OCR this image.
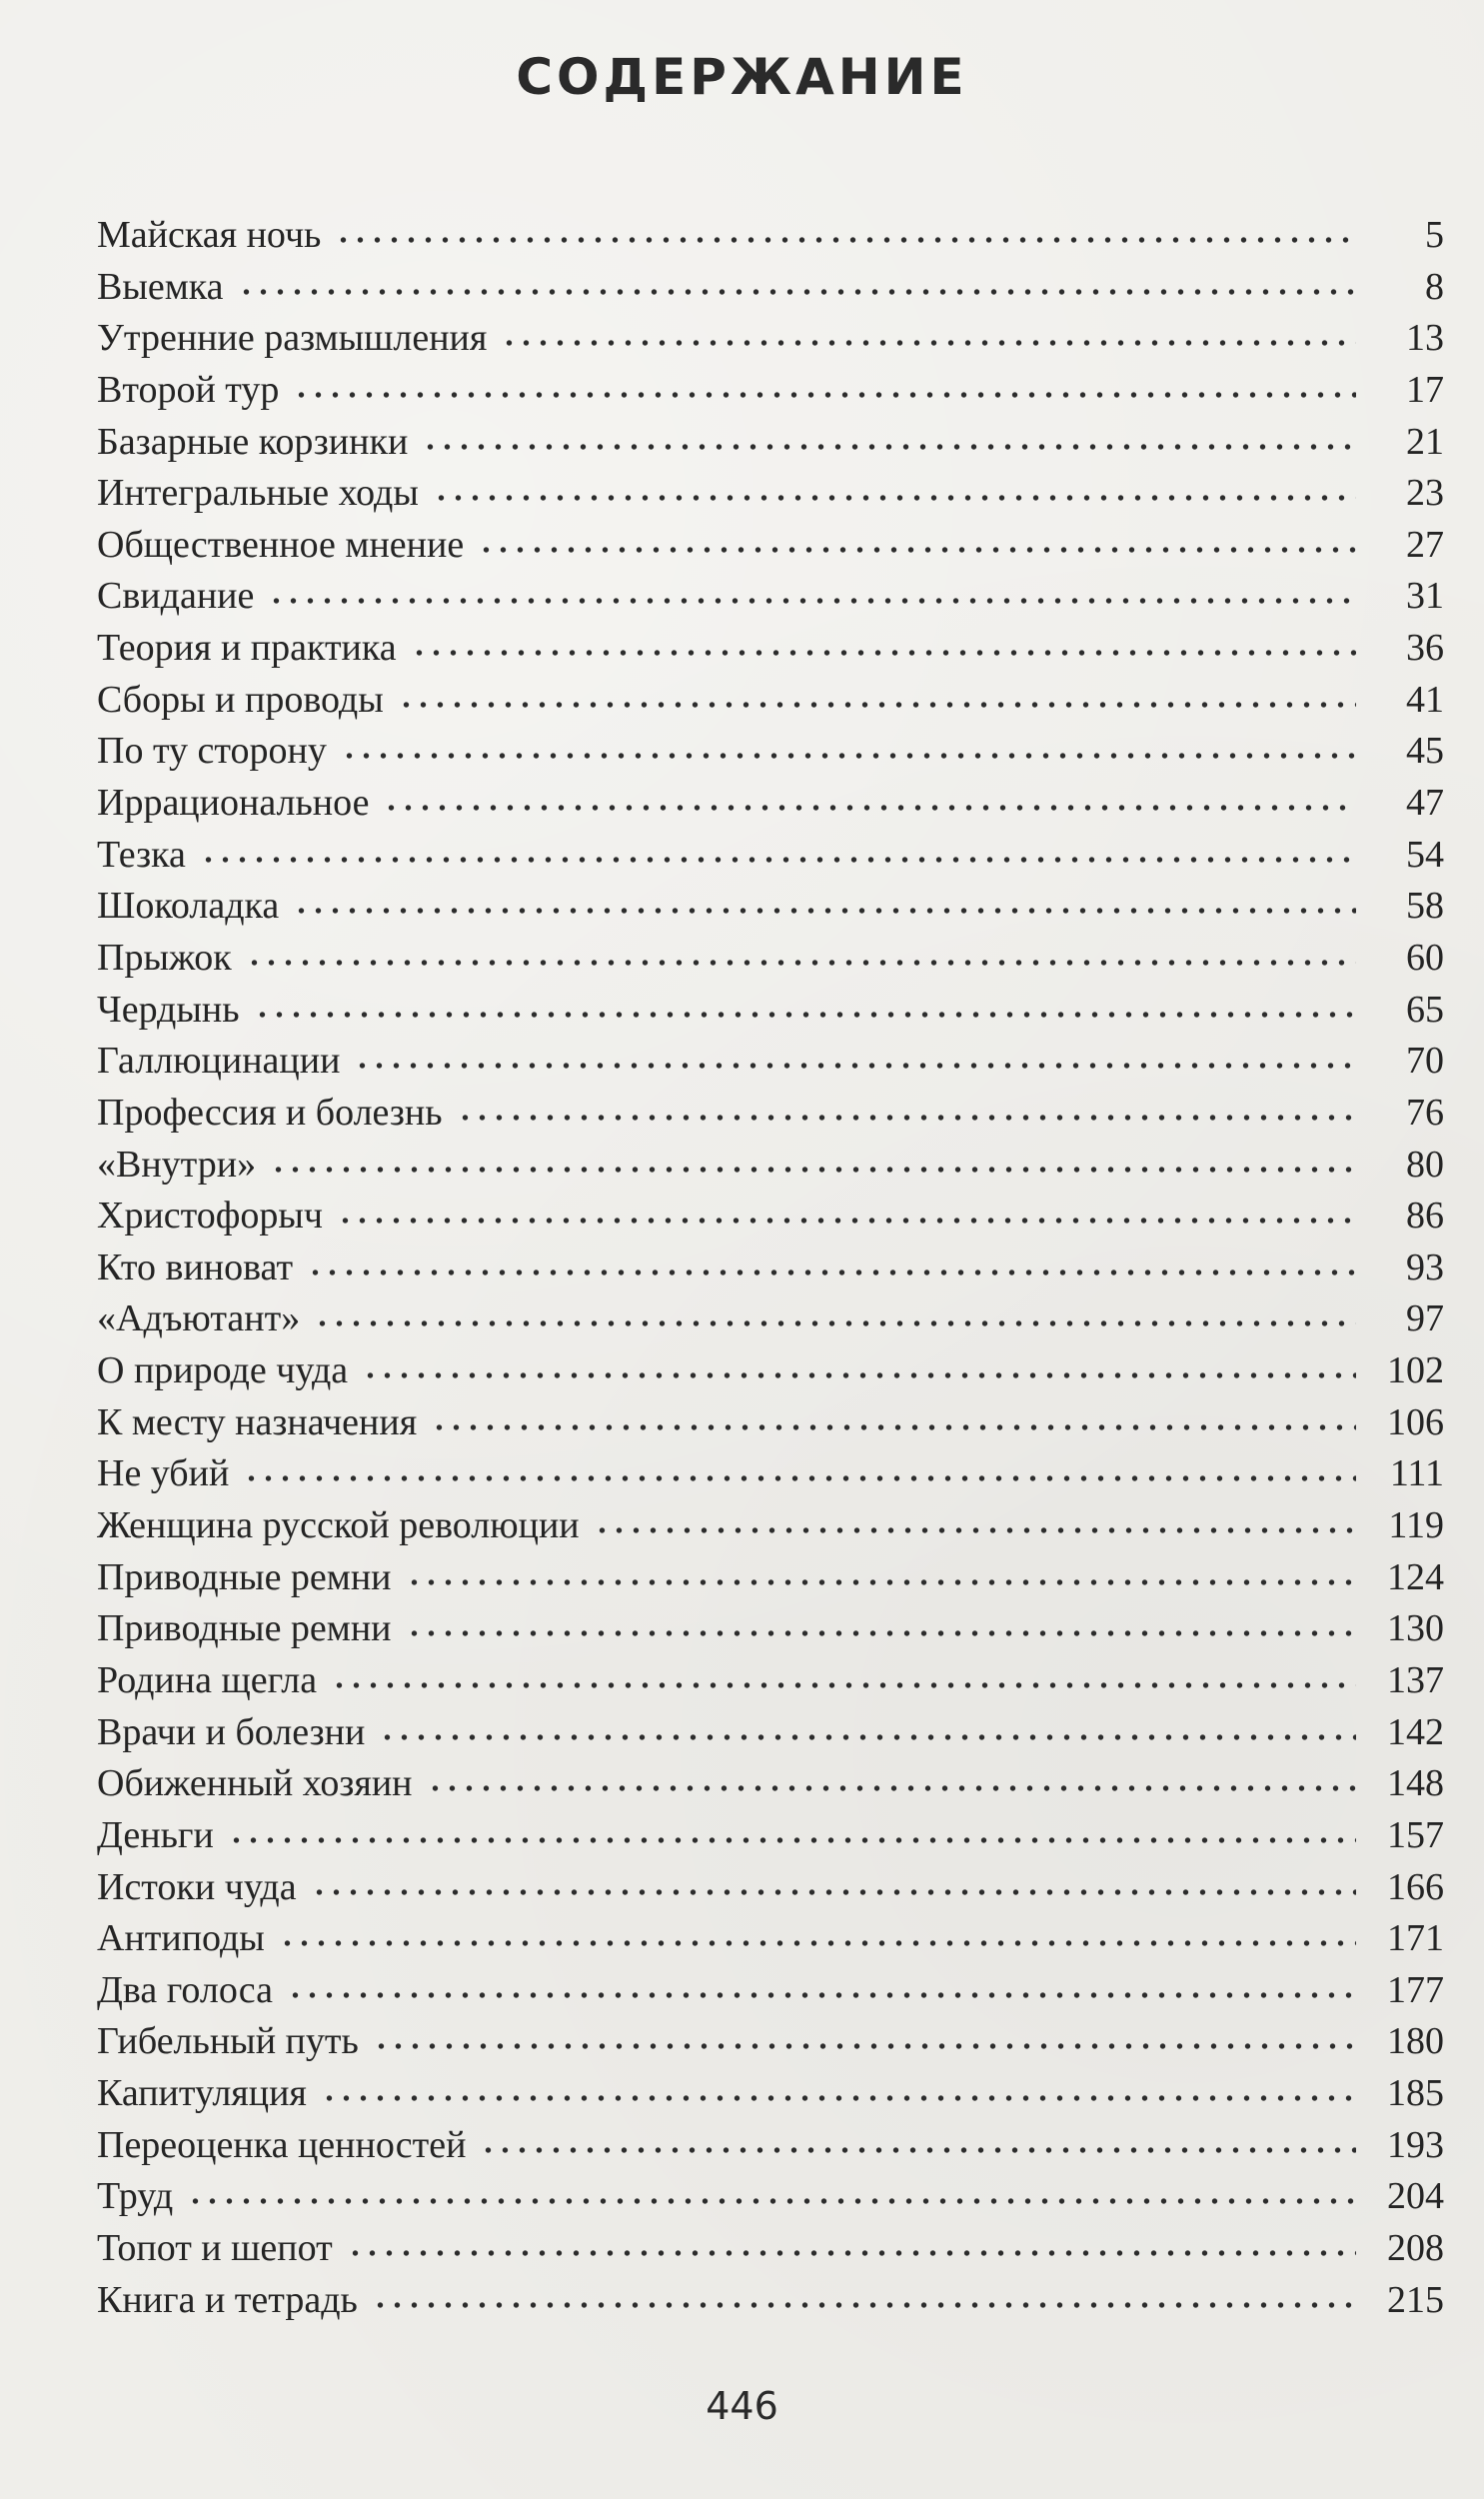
СОДЕРЖАНИЕ
Майская ночь	5
Выемка	8
Утренние размышления	13
Второй тур	17
Базарные корзинки	21
Интегральные ходы	23
Общественное мнение	27
Свидание	31
Теория и практика	36
Сборы и проводы	41
По ту сторону	45
Иррациональное	47
Тезка	54
Шоколадка	58
Прыжок	60
Чердынь	65
Галлюцинации	70
Профессия и болезнь	76
«Внутри»	80
Христофорыч	86
Кто виноват	93
«Адъютант»	97
О природе чуда	102
К месту назначения	106
Не убий	111
Женщина русской революции	119
Приводные ремни	124
Приводные ремни	130
Родина щегла	137
Врачи и болезни	142
Обиженный хозяин	148
Деньги	157
Истоки чуда	166
Антиподы	171
Два голоса	177
Гибельный путь	180
Капитуляция	185
Переоценка ценностей	193
Труд	204
Топот и шепот	208
Книга и тетрадь	215
446
